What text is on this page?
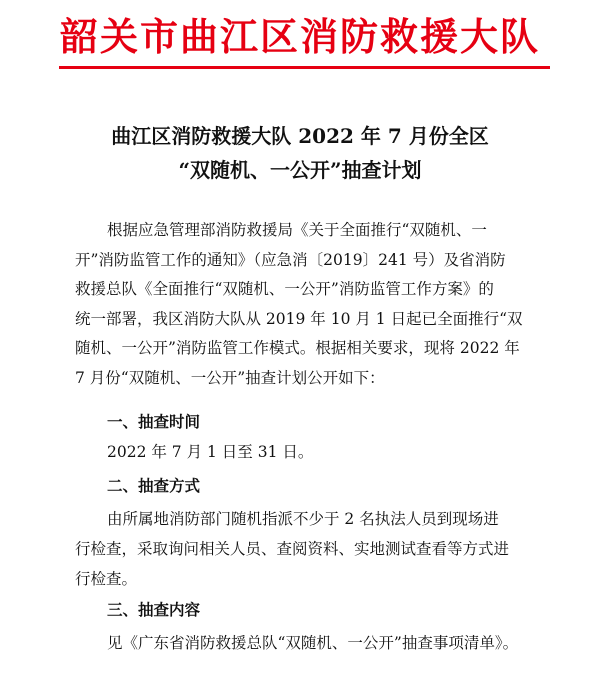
韶关市曲江区消防救援大队
曲江区消防救援大队 2022 年 7 月份全区
“双随机、一公开”抽查计划
根据应急管理部消防救援局《关于全面推行“双随机、一
开”消防监管工作的通知》（应急消〔2019〕241 号）及省消防
救援总队《全面推行“双随机、一公开”消防监管工作方案》的
统一部署，我区消防大队从 2019 年 10 月 1 日起已全面推行“双
随机、一公开”消防监管工作模式。根据相关要求，现将 2022 年
7 月份“双随机、一公开”抽查计划公开如下：
一、抽查时间
2022 年 7 月 1 日至 31 日。
二、抽查方式
由所属地消防部门随机指派不少于 2 名执法人员到现场进
行检查，采取询问相关人员、查阅资料、实地测试查看等方式进
行检查。
三、抽查内容
见《广东省消防救援总队“双随机、一公开”抽查事项清单》。
